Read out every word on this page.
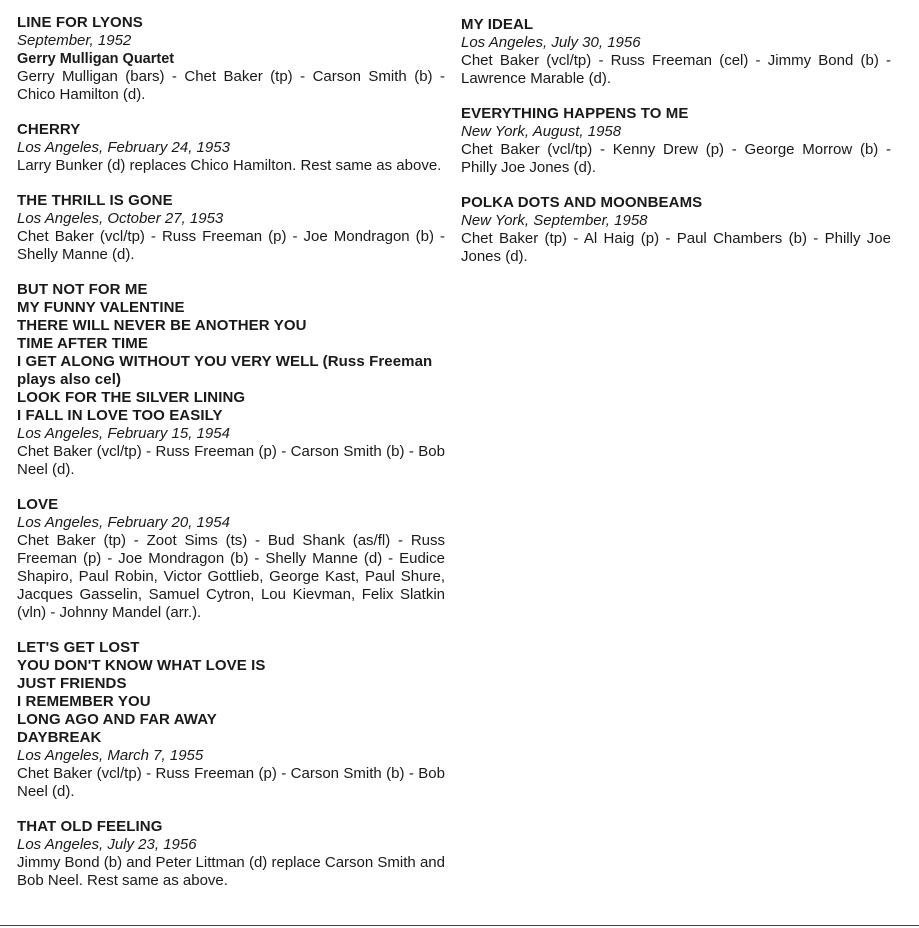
LINE FOR LYONS
September, 1952
Gerry Mulligan Quartet
Gerry Mulligan (bars) - Chet Baker (tp) - Carson Smith (b) - Chico Hamilton (d).
CHERRY
Los Angeles, February 24, 1953
Larry Bunker (d) replaces Chico Hamilton. Rest same as above.
THE THRILL IS GONE
Los Angeles, October 27, 1953
Chet Baker (vcl/tp) - Russ Freeman (p) - Joe Mondragon (b) - Shelly Manne (d).
BUT NOT FOR ME
MY FUNNY VALENTINE
THERE WILL NEVER BE ANOTHER YOU
TIME AFTER TIME
I GET ALONG WITHOUT YOU VERY WELL (Russ Freeman plays also cel)
LOOK FOR THE SILVER LINING
I FALL IN LOVE TOO EASILY
Los Angeles, February 15, 1954
Chet Baker (vcl/tp) - Russ Freeman (p) - Carson Smith (b) - Bob Neel (d).
LOVE
Los Angeles, February 20, 1954
Chet Baker (tp) - Zoot Sims (ts) - Bud Shank (as/fl) - Russ Freeman (p) - Joe Mondragon (b) - Shelly Manne (d) - Eudice Shapiro, Paul Robin, Victor Gottlieb, George Kast, Paul Shure, Jacques Gasselin, Samuel Cytron, Lou Kievman, Felix Slatkin (vln) - Johnny Mandel (arr.).
LET'S GET LOST
YOU DON'T KNOW WHAT LOVE IS
JUST FRIENDS
I REMEMBER YOU
LONG AGO AND FAR AWAY
DAYBREAK
Los Angeles, March 7, 1955
Chet Baker (vcl/tp) - Russ Freeman (p) - Carson Smith (b) - Bob Neel (d).
THAT OLD FEELING
Los Angeles, July 23, 1956
Jimmy Bond (b) and Peter Littman (d) replace Carson Smith and Bob Neel. Rest same as above.
MY IDEAL
Los Angeles, July 30, 1956
Chet Baker (vcl/tp) - Russ Freeman (cel) - Jimmy Bond (b) - Lawrence Marable (d).
EVERYTHING HAPPENS TO ME
New York, August, 1958
Chet Baker (vcl/tp) - Kenny Drew (p) - George Morrow (b) - Philly Joe Jones (d).
POLKA DOTS AND MOONBEAMS
New York, September, 1958
Chet Baker (tp) - Al Haig (p) - Paul Chambers (b) - Philly Joe Jones (d).
